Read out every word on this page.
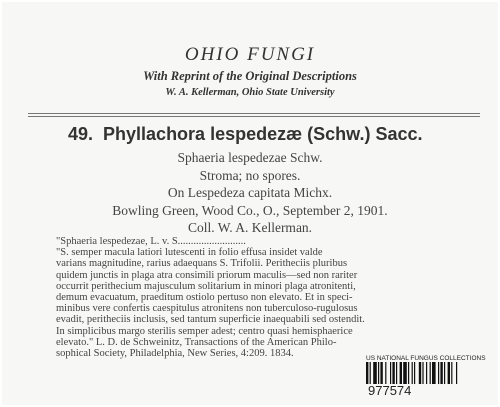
OHIO FUNGI
With Reprint of the Original Descriptions
W. A. Kellerman, Ohio State University
49. Phyllachora lespedezæ (Schw.) Sacc.
Sphaeria lespedezae Schw.
Stroma; no spores.
On Lespedeza capitata Michx.
Bowling Green, Wood Co., O., September 2, 1901.
Coll. W. A. Kellerman.
"Sphaeria lespedezae, L. v. S..........................
"S. semper macula latiori lutescenti in folio effusa insidet valde
varians magnitudine, rarius adaequans S. Trifolii. Peritheciis pluribus
quidem junctis in plaga atra consimili priorum maculis—sed non rariter
occurrit perithecium majusculum solitarium in minori plaga atronitenti,
demum evacuatum, praeditum ostiolo pertuso non elevato. Et in speci-
minibus vere confertis caespitulus atronitens non tuberculoso-rugulosus
evadit, peritheciis inclusis, sed tantum superficie inaequabili sed ostendit.
In simplicibus margo sterilis semper adest; centro quasi hemisphaerice
elevato." L. D. de Schweinitz, Transactions of the American Philo-
sophical Society, Philadelphia, New Series, 4:209. 1834.	US NATIONAL FUNGUS COLLECTIONS
977574
